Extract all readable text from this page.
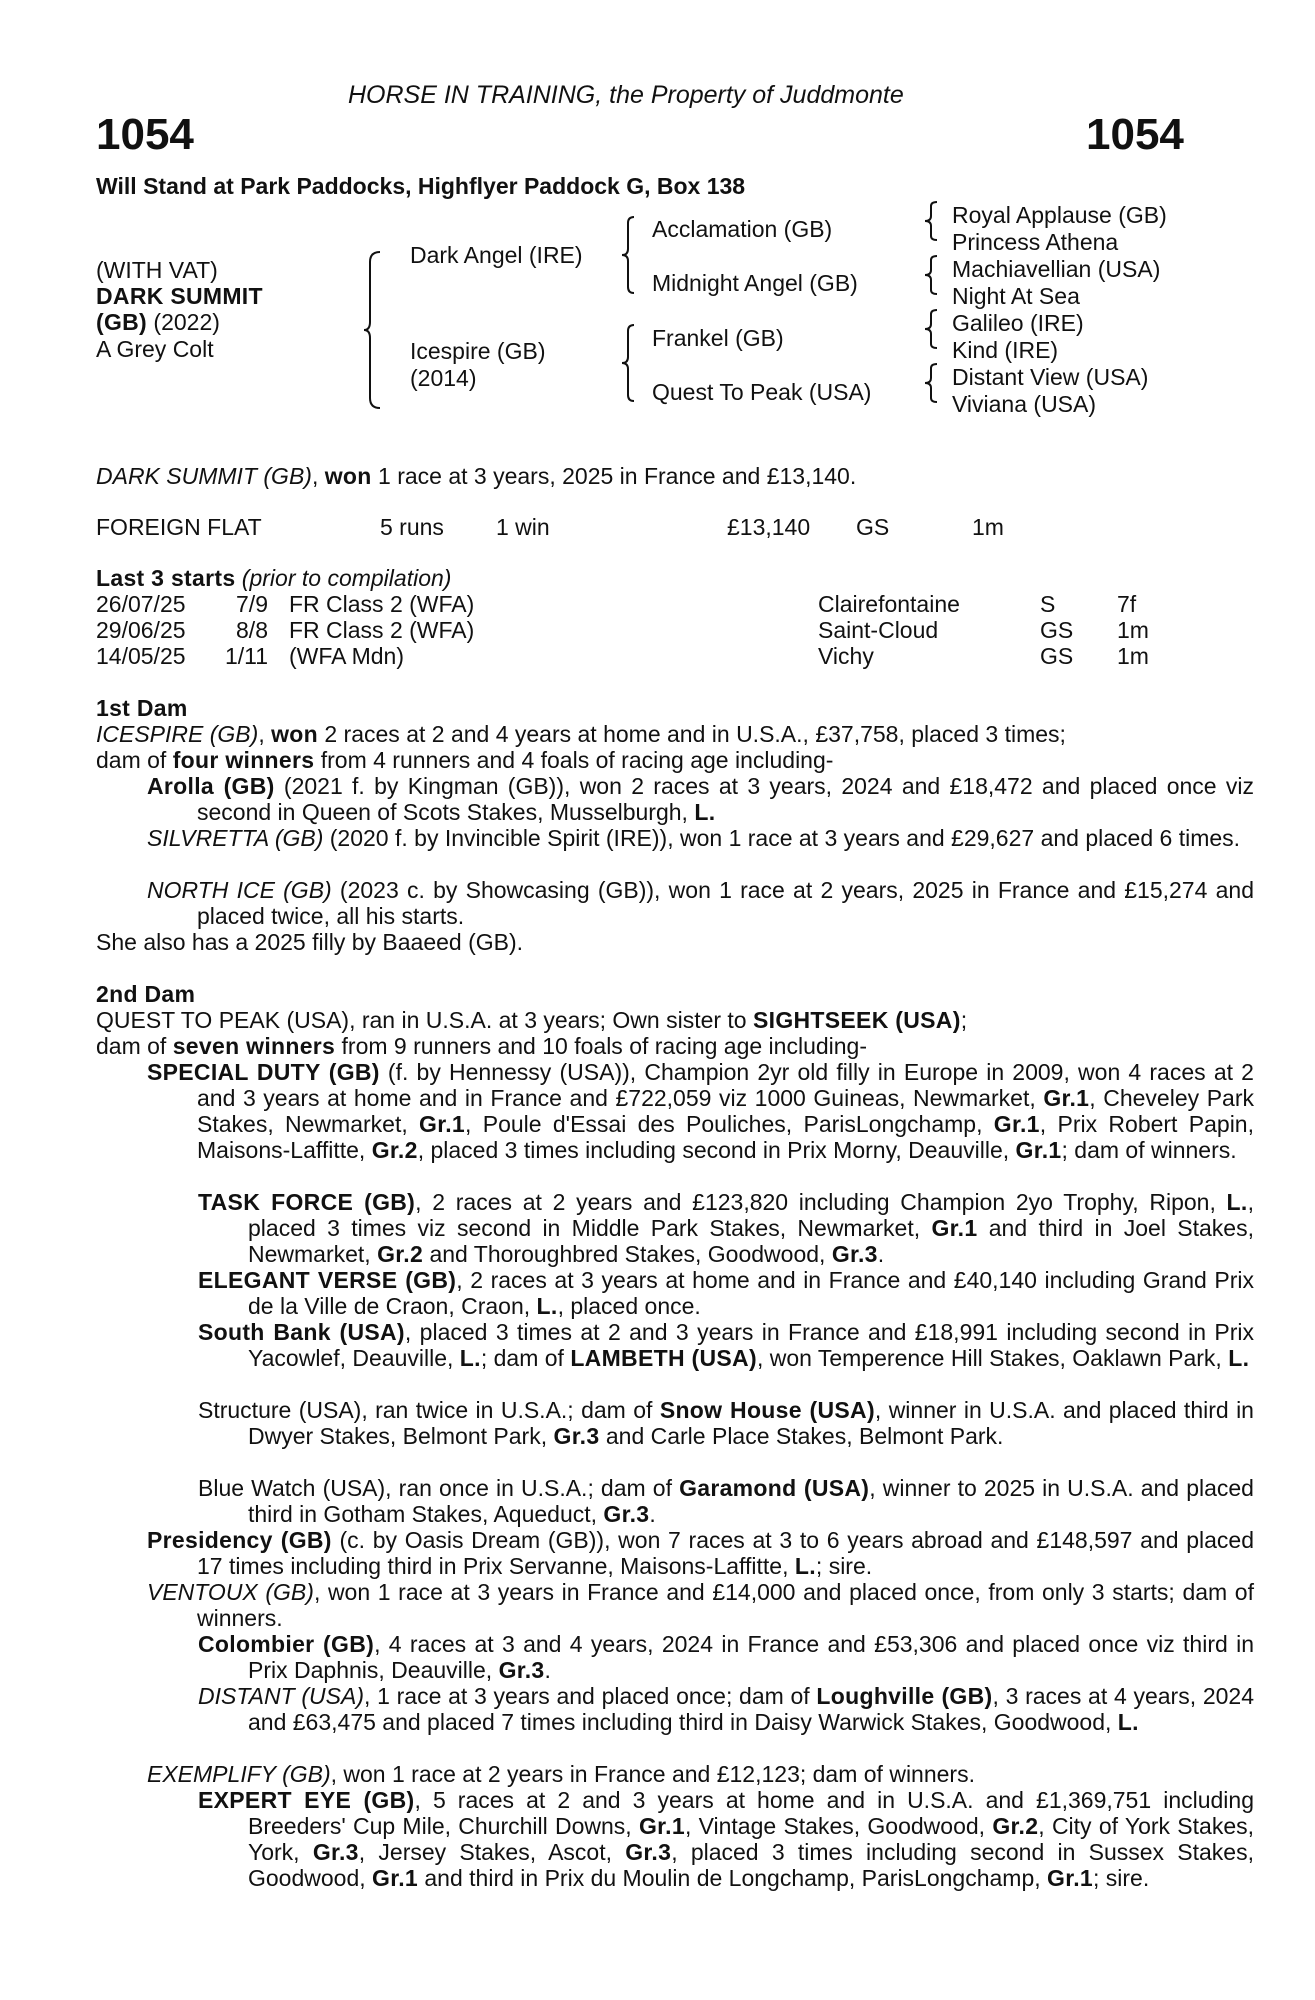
HORSE IN TRAINING, the Property of Juddmonte
1054	1054
Will Stand at Park Paddocks, Highflyer Paddock G, Box 138
(WITH VAT)
DARK SUMMIT
(GB) (2022)
A Grey Colt
Dark Angel (IRE)
Icespire (GB)
(2014)
Acclamation (GB)
Midnight Angel (GB)
Frankel (GB)
Quest To Peak (USA)
Royal Applause (GB)
Princess Athena
Machiavellian (USA)
Night At Sea
Galileo (IRE)
Kind (IRE)
Distant View (USA)
Viviana (USA)
DARK SUMMIT (GB), won 1 race at 3 years, 2025 in France and £13,140.
FOREIGN FLAT	5 runs 1 win	£13,140 GS	1m
Last 3 starts (prior to compilation)
26/07/25	7/9 FR Class 2 (WFA)	Clairefontaine	S	7f
29/06/25	8/8 FR Class 2 (WFA)	Saint-Cloud	GS 1m
14/05/25	1/11 (WFA Mdn)	Vichy	GS 1m
1st Dam
ICESPIRE (GB), won 2 races at 2 and 4 years at home and in U.S.A., £37,758, placed 3 times;
dam of four winners from 4 runners and 4 foals of racing age including-
Arolla (GB) (2021 f. by Kingman (GB)), won 2 races at 3 years, 2024 and £18,472 and placed once viz second in Queen of Scots Stakes, Musselburgh, L.
SILVRETTA (GB) (2020 f. by Invincible Spirit (IRE)), won 1 race at 3 years and £29,627 and placed 6 times.
NORTH ICE (GB) (2023 c. by Showcasing (GB)), won 1 race at 2 years, 2025 in France and £15,274 and placed twice, all his starts.
She also has a 2025 filly by Baaeed (GB).
2nd Dam
QUEST TO PEAK (USA), ran in U.S.A. at 3 years; Own sister to SIGHTSEEK (USA);
dam of seven winners from 9 runners and 10 foals of racing age including-
SPECIAL DUTY (GB) (f. by Hennessy (USA)), Champion 2yr old filly in Europe in 2009, won 4 races at 2 and 3 years at home and in France and £722,059 viz 1000 Guineas, Newmarket, Gr.1, Cheveley Park Stakes, Newmarket, Gr.1, Poule d'Essai des Pouliches, ParisLongchamp, Gr.1, Prix Robert Papin, Maisons-Laffitte, Gr.2, placed 3 times including second in Prix Morny, Deauville, Gr.1; dam of winners.
TASK FORCE (GB), 2 races at 2 years and £123,820 including Champion 2yo Trophy, Ripon, L., placed 3 times viz second in Middle Park Stakes, Newmarket, Gr.1 and third in Joel Stakes, Newmarket, Gr.2 and Thoroughbred Stakes, Goodwood, Gr.3.
ELEGANT VERSE (GB), 2 races at 3 years at home and in France and £40,140 including Grand Prix de la Ville de Craon, Craon, L., placed once.
South Bank (USA), placed 3 times at 2 and 3 years in France and £18,991 including second in Prix Yacowlef, Deauville, L.; dam of LAMBETH (USA), won Temperence Hill Stakes, Oaklawn Park, L.
Structure (USA), ran twice in U.S.A.; dam of Snow House (USA), winner in U.S.A. and placed third in Dwyer Stakes, Belmont Park, Gr.3 and Carle Place Stakes, Belmont Park.
Blue Watch (USA), ran once in U.S.A.; dam of Garamond (USA), winner to 2025 in U.S.A. and placed third in Gotham Stakes, Aqueduct, Gr.3.
Presidency (GB) (c. by Oasis Dream (GB)), won 7 races at 3 to 6 years abroad and £148,597 and placed 17 times including third in Prix Servanne, Maisons-Laffitte, L.; sire.
VENTOUX (GB), won 1 race at 3 years in France and £14,000 and placed once, from only 3 starts; dam of winners.
Colombier (GB), 4 races at 3 and 4 years, 2024 in France and £53,306 and placed once viz third in Prix Daphnis, Deauville, Gr.3.
DISTANT (USA), 1 race at 3 years and placed once; dam of Loughville (GB), 3 races at 4 years, 2024 and £63,475 and placed 7 times including third in Daisy Warwick Stakes, Goodwood, L.
EXEMPLIFY (GB), won 1 race at 2 years in France and £12,123; dam of winners.
EXPERT EYE (GB), 5 races at 2 and 3 years at home and in U.S.A. and £1,369,751 including Breeders' Cup Mile, Churchill Downs, Gr.1, Vintage Stakes, Goodwood, Gr.2, City of York Stakes, York, Gr.3, Jersey Stakes, Ascot, Gr.3, placed 3 times including second in Sussex Stakes, Goodwood, Gr.1 and third in Prix du Moulin de Longchamp, ParisLongchamp, Gr.1; sire.
